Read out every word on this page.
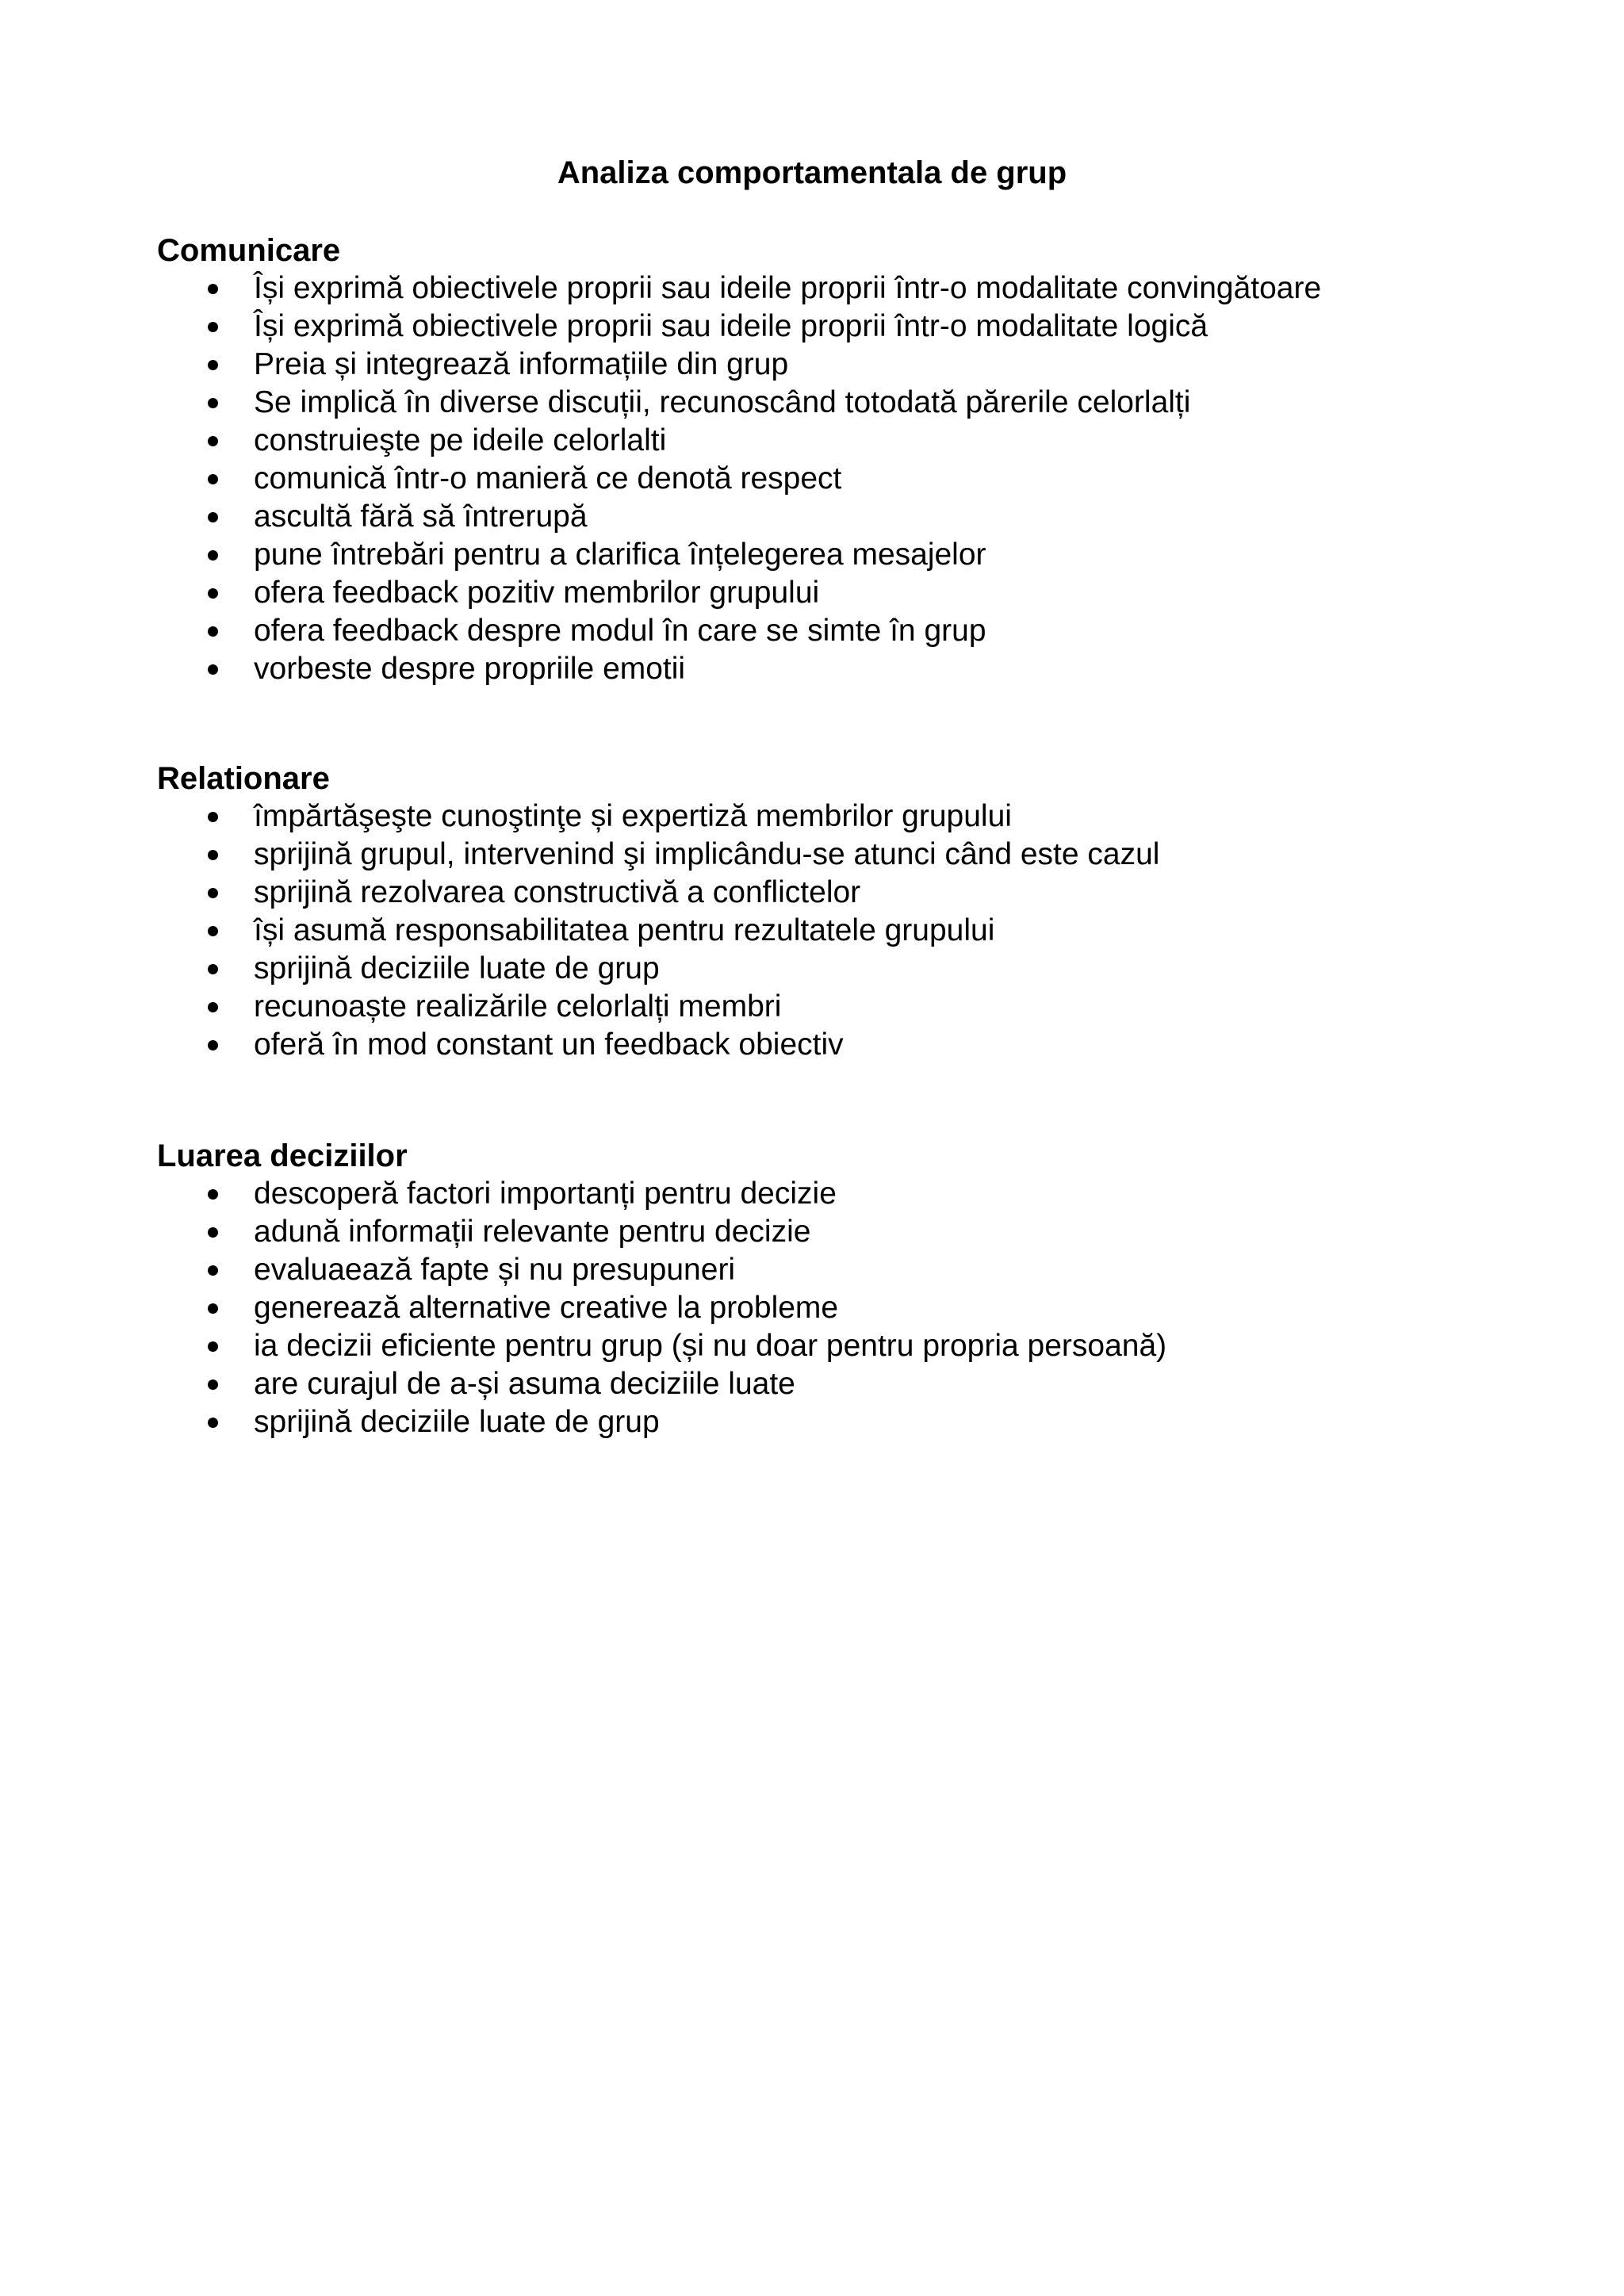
Analiza comportamentala de grup
Comunicare
Își exprimă obiectivele proprii sau ideile proprii într-o modalitate convingătoare
Își exprimă obiectivele proprii sau ideile proprii într-o modalitate logică
Preia și integrează informațiile din grup
Se implică în diverse discuții, recunoscând totodată părerile celorlalți
construieşte pe ideile celorlalti
comunică într-o manieră ce denotă respect
ascultă fără să întrerupă
pune întrebări pentru a clarifica înțelegerea mesajelor
ofera feedback pozitiv membrilor grupului
ofera feedback despre modul în care se simte în grup
vorbeste despre propriile emotii
Relationare
împărtăşeşte cunoştinţe și expertiză membrilor grupului
sprijină grupul, intervenind şi implicându-se atunci când este cazul
sprijină rezolvarea constructivă a conflictelor
își asumă responsabilitatea pentru rezultatele grupului
sprijină deciziile luate de grup
recunoaște realizările celorlalți membri
oferă în mod constant un feedback obiectiv
Luarea deciziilor
descoperă factori importanți pentru decizie
adună informații relevante pentru decizie
evaluaează fapte și nu presupuneri
generează alternative creative la probleme
ia decizii eficiente pentru grup (și nu doar pentru propria persoană)
are curajul de a-și asuma deciziile luate
sprijină deciziile luate de grup
